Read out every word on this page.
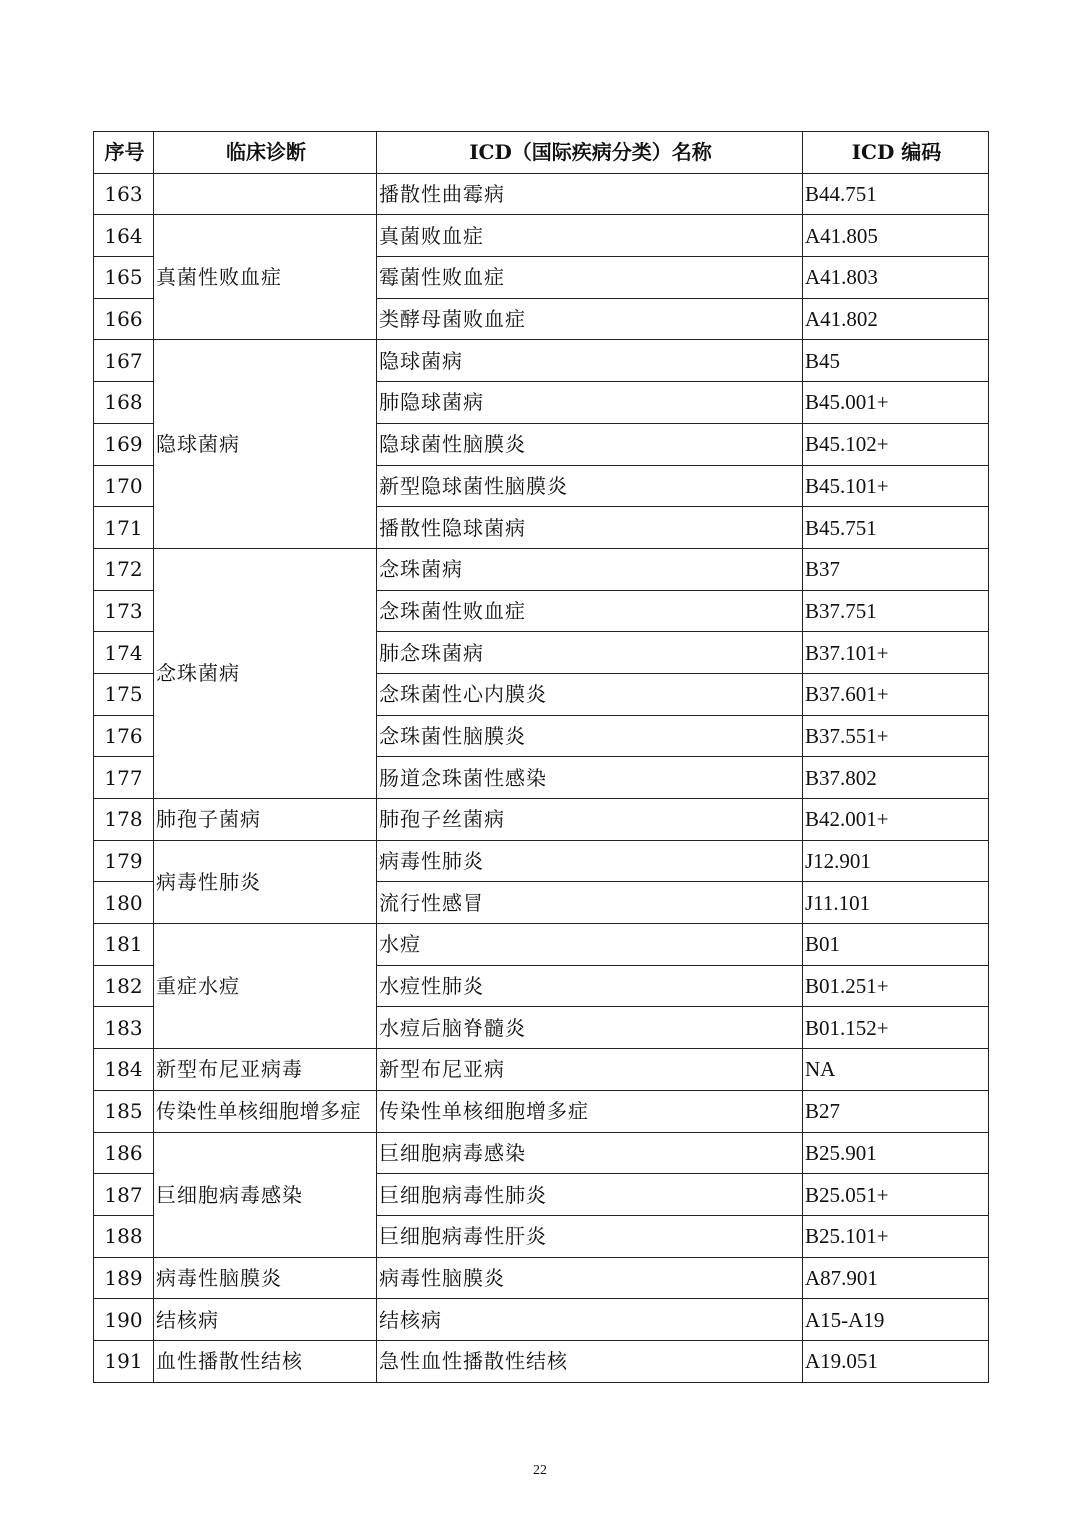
序号	临床诊断	ICD（国际疾病分类）名称	ICD 编码
163		播散性曲霉病	B44.751
164	真菌性败血症	真菌败血症	A41.805
165		霉菌性败血症	A41.803
166		类酵母菌败血症	A41.802
167	隐球菌病	隐球菌病	B45
168		肺隐球菌病	B45.001+
169		隐球菌性脑膜炎	B45.102+
170		新型隐球菌性脑膜炎	B45.101+
171		播散性隐球菌病	B45.751
172	念珠菌病	念珠菌病	B37
173		念珠菌性败血症	B37.751
174		肺念珠菌病	B37.101+
175		念珠菌性心内膜炎	B37.601+
176		念珠菌性脑膜炎	B37.551+
177		肠道念珠菌性感染	B37.802
178	肺孢子菌病	肺孢子丝菌病	B42.001+
179	病毒性肺炎	病毒性肺炎	J12.901
180		流行性感冒	J11.101
181	重症水痘	水痘	B01
182		水痘性肺炎	B01.251+
183		水痘后脑脊髓炎	B01.152+
184	新型布尼亚病毒	新型布尼亚病	NA
185	传染性单核细胞增多症	传染性单核细胞增多症	B27
186	巨细胞病毒感染	巨细胞病毒感染	B25.901
187		巨细胞病毒性肺炎	B25.051+
188		巨细胞病毒性肝炎	B25.101+
189	病毒性脑膜炎	病毒性脑膜炎	A87.901
190	结核病	结核病	A15-A19
191	血性播散性结核	急性血性播散性结核	A19.051
22
